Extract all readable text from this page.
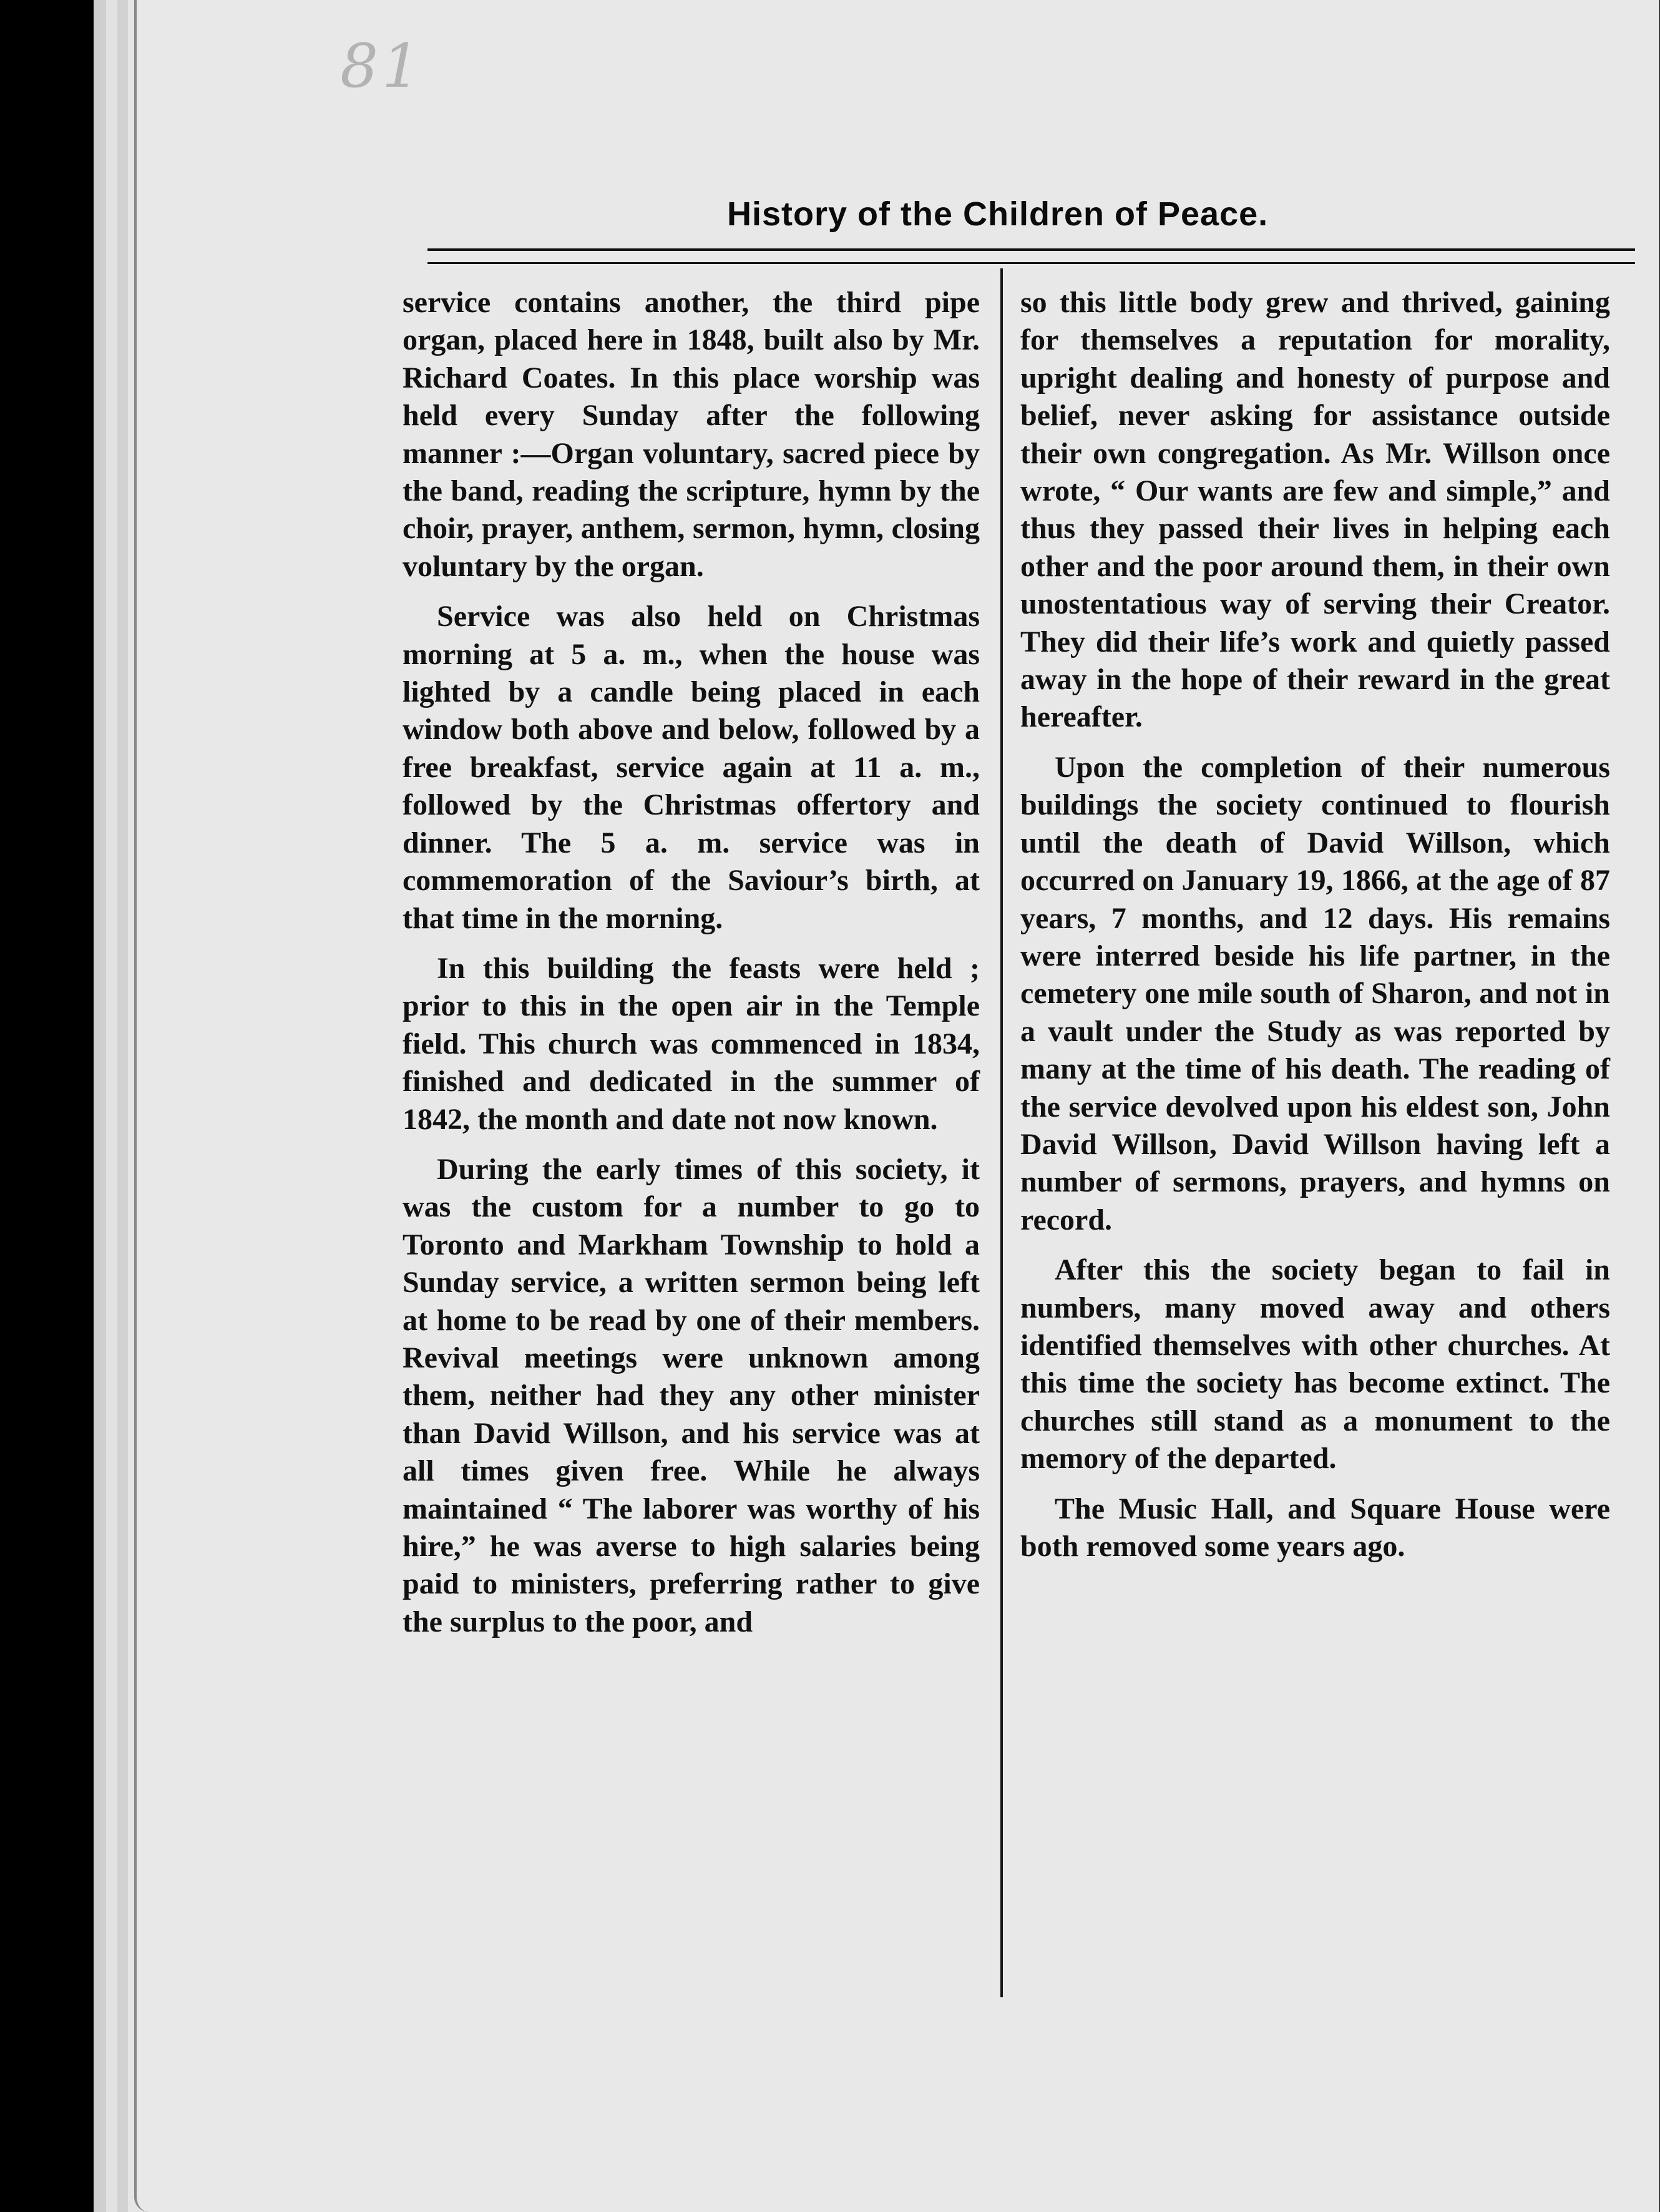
81
History of the Children of Peace.

service contains another, the third pipe organ, placed here in 1848, built also by Mr. Richard Coates. In this place worship was held every Sunday after the following manner :—Organ voluntary, sacred piece by the band, reading the scripture, hymn by the choir, prayer, anthem, sermon, hymn, closing voluntary by the organ.

Service was also held on Christmas morning at 5 a. m., when the house was lighted by a candle being placed in each window both above and below, followed by a free breakfast, service again at 11 a. m., followed by the Christmas offertory and dinner. The 5 a. m. service was in commemoration of the Saviour’s birth, at that time in the morning.

In this building the feasts were held ; prior to this in the open air in the Temple field. This church was commenced in 1834, finished and dedicated in the summer of 1842, the month and date not now known.

During the early times of this society, it was the custom for a number to go to Toronto and Markham Township to hold a Sunday service, a written sermon being left at home to be read by one of their members. Revival meetings were unknown among them, neither had they any other minister than David Willson, and his service was at all times given free. While he always maintained “ The laborer was worthy of his hire,” he was averse to high salaries being paid to ministers, preferring rather to give the surplus to the poor, and

so this little body grew and thrived, gaining for themselves a reputation for morality, upright dealing and honesty of purpose and belief, never asking for assistance outside their own congregation. As Mr. Willson once wrote, “ Our wants are few and simple,” and thus they passed their lives in helping each other and the poor around them, in their own unostentatious way of serving their Creator. They did their life’s work and quietly passed away in the hope of their reward in the great hereafter.

Upon the completion of their numerous buildings the society continued to flourish until the death of David Willson, which occurred on January 19, 1866, at the age of 87 years, 7 months, and 12 days. His remains were interred beside his life partner, in the cemetery one mile south of Sharon, and not in a vault under the Study as was reported by many at the time of his death. The reading of the service devolved upon his eldest son, John David Willson, David Willson having left a number of sermons, prayers, and hymns on record.

After this the society began to fail in numbers, many moved away and others identified themselves with other churches. At this time the society has become extinct. The churches still stand as a monument to the memory of the departed.

The Music Hall, and Square House were both removed some years ago.
